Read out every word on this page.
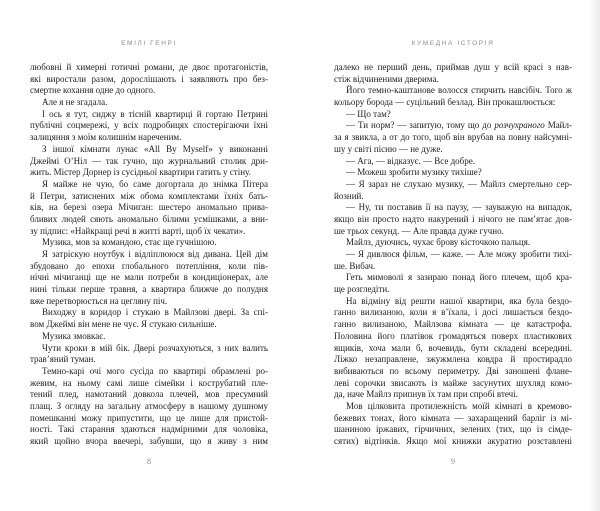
ЕМІЛІ ГЕНРІ
любовні й химерні готичні романи, де двоє протагоністів,
які виростали разом, дорослішають і заявляють про без-
смертне кохання одне до одного.
Але я не згадала.
І ось я тут, сиджу в тісній квартирці й гортаю Петрині
публічні соцмережі, у всіх подробицях спостерігаючи їхні
залицяння з моїм колишнім нареченим.
З іншої кімнати лунає «All By Myself» у виконанні
Джеймі О’Ніл — так гучно, що журнальний столик дри-
жить. Містер Дорнер із сусідньої квартири гатить у стіну.
Я майже не чую, бо саме догортала до знімка Пітера
й Петри, затиснених між обома комплектами їхніх бать-
ків, на березі озера Мічиган: шестеро аномально прива-
бливих людей сяють аномально білими усмішками, а вни-
зу підпис: «Найкращі речі в житті варті, щоб їх чекати».
Музика, мов за командою, стає ще гучнішою.
Я затріскую ноутбук і відліплююся від дивана. Цей дім
збудовано до епохи глобального потепління, коли пів-
нічні мічиганці ще не мали потреби в кондиціонерах, але
нині тільки перше травня, а квартира ближче до полудня
вже перетворюється на цегляну піч.
Виходжу в коридор і стукаю в Майлзові двері. За спі-
вом Джеймі він мене не чує. Я стукаю сильніше.
Музика змовкає.
Чути кроки в мій бік. Двері розчахуються, з них валить
трав’яний туман.
Темно-карі очі мого сусіда по квартирі обрамлені ро-
жевим, на ньому самі лише сімейки і кострубатий пле-
тений плед, намотаний довкола плечей, мов пресумний
плащ. З огляду на загальну атмосферу в нашому душному
помешканні можу припустити, що це лише для пристой-
ності. Такі старання здаються надмірними для чоловіка,
який щойно вчора ввечері, забувши, що я живу з ним
8
КУМЕДНА ІСТОРІЯ
далеко не перший день, приймав душ у всій красі з нав-
стіж відчиненими дверима.
Його темно-каштанове волосся стирчить навсібіч. Того ж
кольору борода — суцільний безлад. Він прокашлюється:
— Що там?
— Ти норм? — запитую, тому що до розчухраного Майл-
за я звикла, а от до того, щоб він врубав на повну найсумні-
шу у світі пісню — не дуже.
— Ага, — відказує. — Все добре.
— Можеш зробити музику тихіше?
— Я зараз не слухаю музику, — Майлз смертельно сер-
йозний.
— Ну, ти поставив її на паузу, — зауважую на випадок,
якщо він просто надто накурений і нічого не пам’ятає дов-
ше трьох секунд. — Але правда дуже гучно.
Майлз, дуючись, чухає брову кісточкою пальця.
— Я дивлюся фільм, — каже. — Але можу зробити тихі-
ше. Вибач.
Геть мимоволі я зазираю понад його плечем, щоб кра-
ще розгледіти.
На відміну від решти нашої квартири, яка була бездо-
ганно вилизаною, коли я в’їхала, і досі лишається бездо-
ганно вилизаною, Майлзова кімната — це катастрофа.
Половина його платівок громадяться поверх пластикових
ящиків, хоча мали б, вочевидь, бути складені всередині.
Ліжко незаправлене, зжужмлена ковдра й простирадло
вибиваються по всьому периметру. Дві заношені флане-
леві сорочки звисають із майже засунутих шухляд комо-
да, наче Майлз припнув їх там при спробі втечі.
Мов цілковита протилежність моїй кімнаті в кремово-
бежевих тонах, його кімната — захаращений барліг із мі-
шаниною іржавих, гірчичних, зелених (тих, що із сімде-
сятих) відтінків. Якщо мої книжки акуратно розставлені
9
